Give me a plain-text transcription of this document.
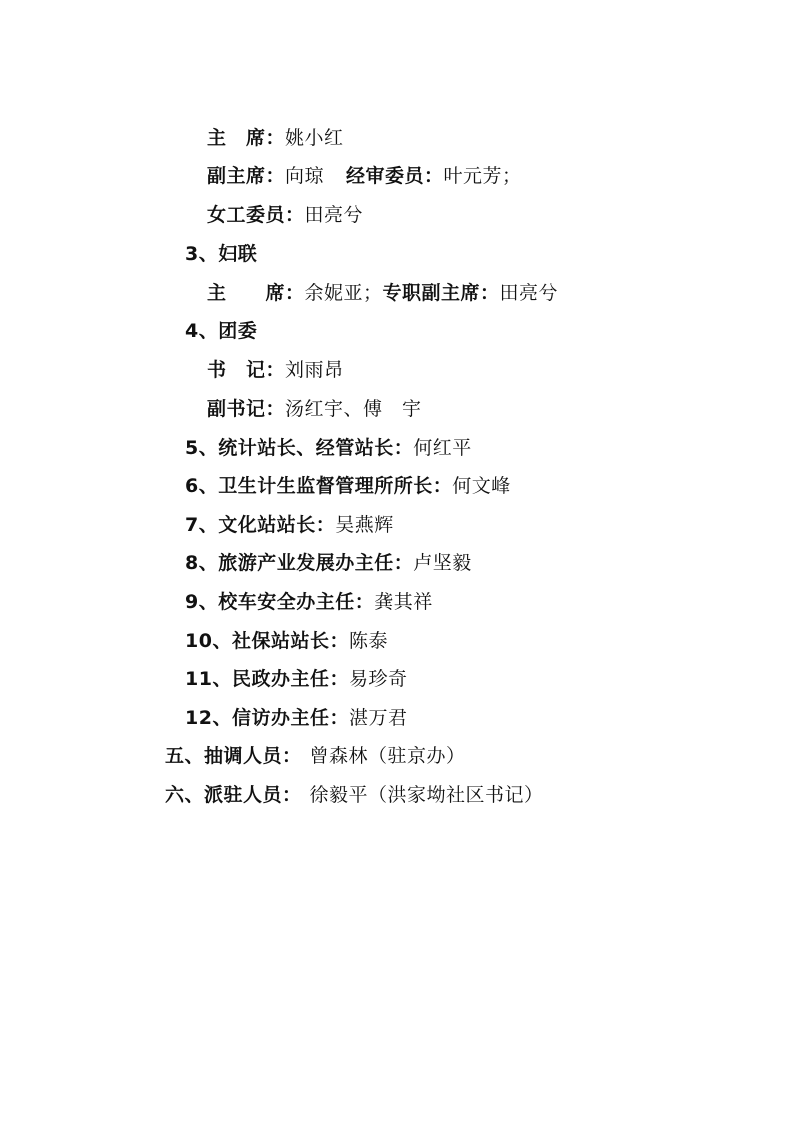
主　席：姚小红
副主席：向琼 经审委员：叶元芳；
女工委员：田亮兮
3、妇联
主　　席：余妮亚；专职副主席：田亮兮
4、团委
书　记：刘雨昂
副书记：汤红宇、傅　宇
5、统计站长、经管站长：何红平
6、卫生计生监督管理所所长：何文峰
7、文化站站长：吴燕辉
8、旅游产业发展办主任：卢坚毅
9、校车安全办主任：龚其祥
10、社保站站长：陈泰
11、民政办主任：易珍奇
12、信访办主任：湛万君
五、抽调人员： 曾森林（驻京办）
六、派驻人员： 徐毅平（洪家坳社区书记）
